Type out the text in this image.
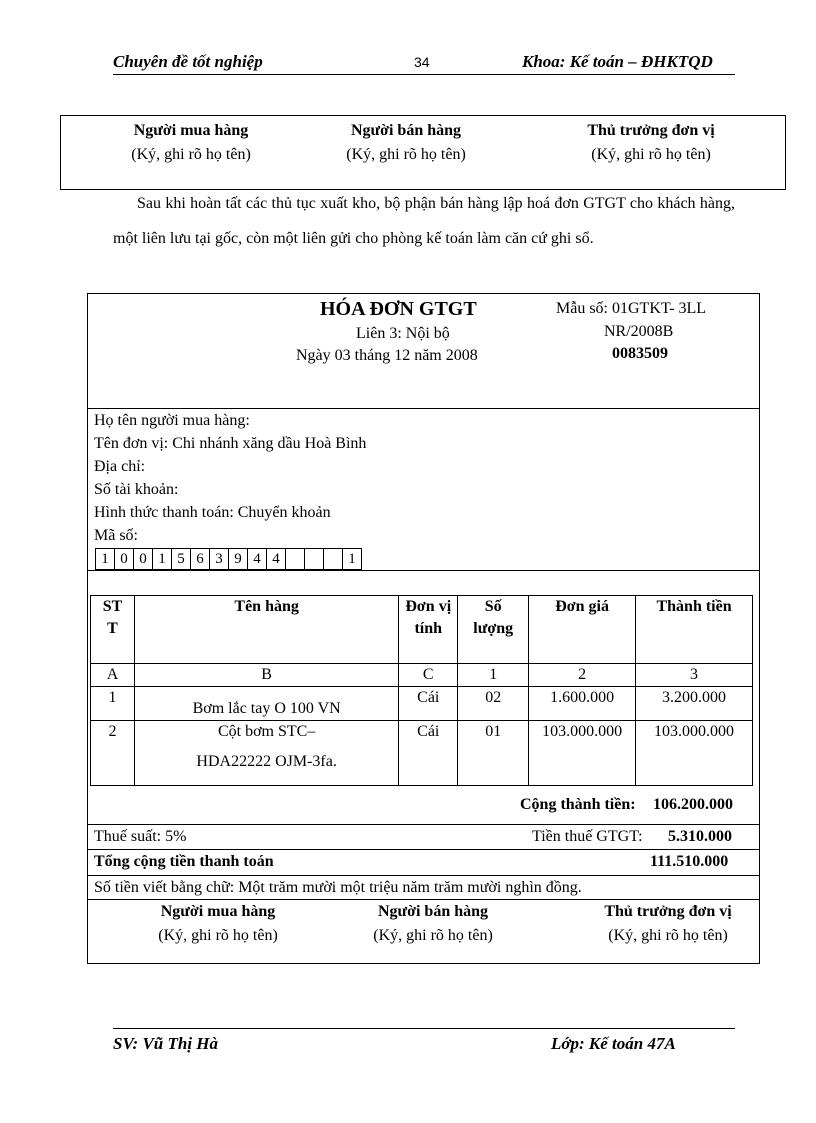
Chuyên đề tốt nghiệp	34	Khoa: Kế toán – ĐHKTQD
Người mua hàng
(Ký, ghi rõ họ tên)
Người bán hàng
(Ký, ghi rõ họ tên)
Thủ trưởng đơn vị
(Ký, ghi rõ họ tên)
Sau khi hoàn tất các thủ tục xuất kho, bộ phận bán hàng lập hoá đơn GTGT cho khách hàng, một liên lưu tại gốc, còn một liên gửi cho phòng kế toán làm căn cứ ghi sổ.
HÓA ĐƠN GTGT
Liên 3: Nội bộ
Ngày 03 tháng 12 năm 2008
Mẫu số: 01GTKT- 3LL
NR/2008B
0083509
Họ tên người mua hàng:
Tên đơn vị: Chi nhánh xăng dầu Hoà Bình
Địa chỉ:
Số tài khoản:
Hình thức thanh toán: Chuyển khoản
Mã số:
1 0 0 1 5 6 3 9 4 4	1
ST T	Tên hàng	Đơn vị tính	Số lượng	Đơn giá	Thành tiền
A	B	C	1	2	3
1	Bơm lắc tay O 100 VN	Cái	02	1.600.000	3.200.000
2	Cột bơm STC–
HDA22222 OJM-3fa.	Cái	01	103.000.000	103.000.000
Cộng thành tiền: 106.200.000
Thuế suất: 5%	Tiền thuế GTGT: 5.310.000
Tổng cộng tiền thanh toán	111.510.000
Số tiền viết bằng chữ: Một trăm mười một triệu năm trăm mười nghìn đồng.
Người mua hàng
(Ký, ghi rõ họ tên)
Người bán hàng
(Ký, ghi rõ họ tên)
Thủ trưởng đơn vị
(Ký, ghi rõ họ tên)
SV: Vũ Thị Hà	Lớp: Kế toán 47A
